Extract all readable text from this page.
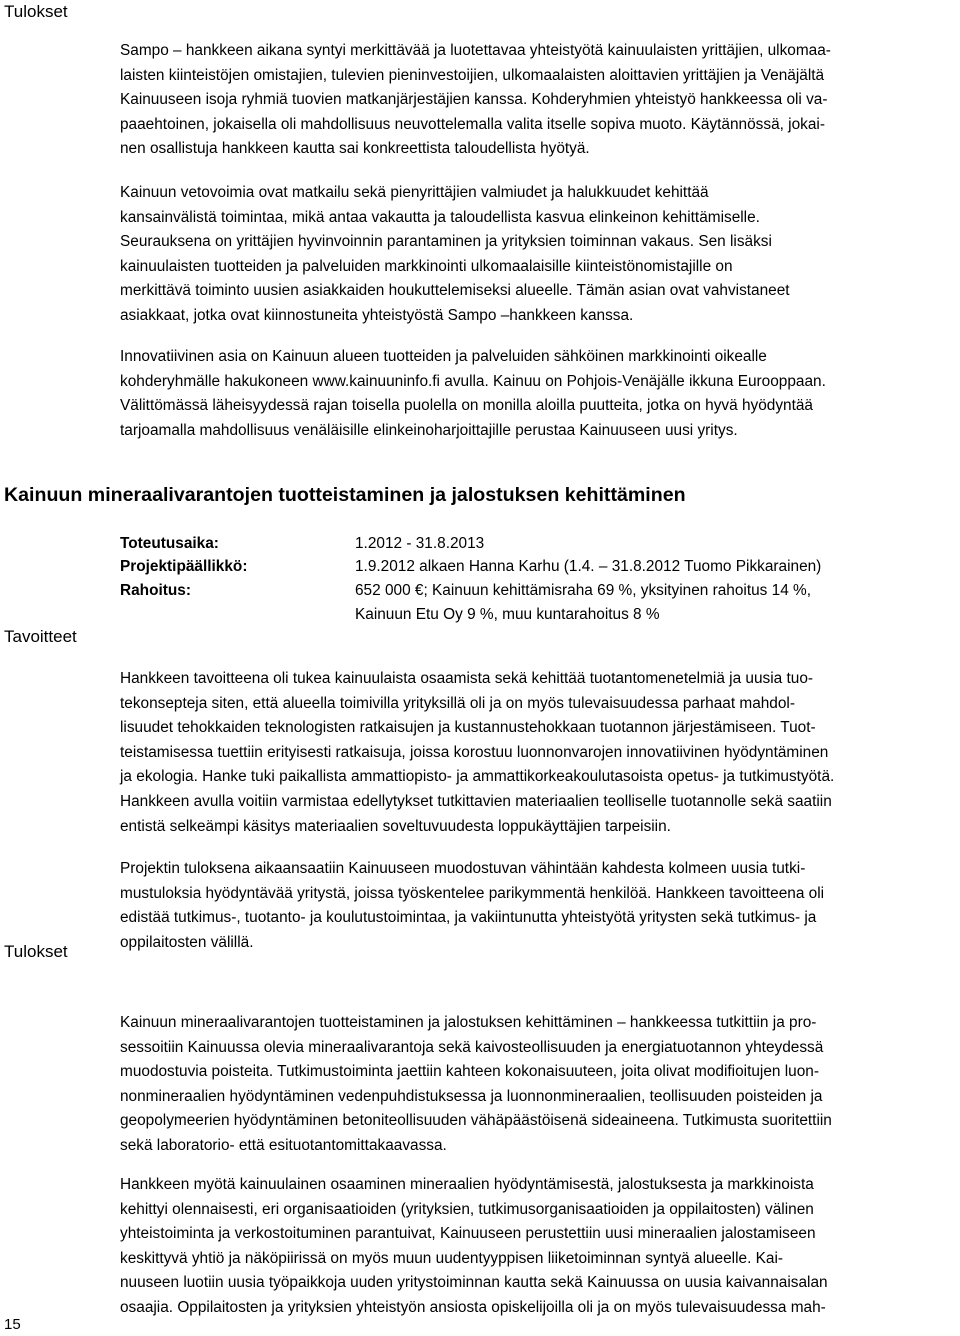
Tulokset
Sampo – hankkeen aikana syntyi merkittävää ja luotettavaa yhteistyötä kainuulaisten yrittäjien, ulkomaa-
laisten kiinteistöjen omistajien, tulevien pieninvestoijien, ulkomaalaisten aloittavien yrittäjien ja Venäjältä
Kainuuseen isoja ryhmiä tuovien matkanjärjestäjien kanssa. Kohderyhmien yhteistyö hankkeessa oli va-
paaehtoinen, jokaisella oli mahdollisuus neuvottelemalla valita itselle sopiva muoto. Käytännössä, jokai-
nen osallistuja hankkeen kautta sai konkreettista taloudellista hyötyä.
Kainuun vetovoimia ovat matkailu sekä pienyrittäjien valmiudet ja halukkuudet kehittää
kansainvälistä toimintaa, mikä antaa vakautta ja taloudellista kasvua elinkeinon kehittämiselle.
Seurauksena on yrittäjien hyvinvoinnin parantaminen ja yrityksien toiminnan vakaus. Sen lisäksi
kainuulaisten tuotteiden ja palveluiden markkinointi ulkomaalaisille kiinteistönomistajille on
merkittävä toiminto uusien asiakkaiden houkuttelemiseksi alueelle. Tämän asian ovat vahvistaneet
asiakkaat, jotka ovat kiinnostuneita yhteistyöstä Sampo –hankkeen kanssa.
Innovatiivinen asia on Kainuun alueen tuotteiden ja palveluiden sähköinen markkinointi oikealle
kohderyhmälle hakukoneen www.kainuuninfo.fi avulla. Kainuu on Pohjois-Venäjälle ikkuna Eurooppaan.
Välittömässä läheisyydessä rajan toisella puolella on monilla aloilla puutteita, jotka on hyvä hyödyntää
tarjoamalla mahdollisuus venäläisille elinkeinoharjoittajille perustaa Kainuuseen uusi yritys.
Kainuun mineraalivarantojen tuotteistaminen ja jalostuksen kehittäminen
Toteutusaika:	1.2012 - 31.8.2013
Projektipäällikkö:	1.9.2012 alkaen Hanna Karhu (1.4. – 31.8.2012 Tuomo Pikkarainen)
Rahoitus:	652 000 €; Kainuun kehittämisraha 69 %, yksityinen rahoitus 14 %,
Kainuun Etu Oy 9 %, muu kuntarahoitus 8 %
Tavoitteet
Hankkeen tavoitteena oli tukea kainuulaista osaamista sekä kehittää tuotantomenetelmiä ja uusia tuo-
tekonsepteja siten, että alueella toimivilla yrityksillä oli ja on myös tulevaisuudessa parhaat mahdol-
lisuudet tehokkaiden teknologisten ratkaisujen ja kustannustehokkaan tuotannon järjestämiseen. Tuot-
teistamisessa tuettiin erityisesti ratkaisuja, joissa korostuu luonnonvarojen innovatiivinen hyödyntäminen
ja ekologia. Hanke tuki paikallista ammattiopisto- ja ammattikorkeakoulutasoista opetus- ja tutkimustyötä.
Hankkeen avulla voitiin varmistaa edellytykset tutkittavien materiaalien teolliselle tuotannolle sekä saatiin
entistä selkeämpi käsitys materiaalien soveltuvuudesta loppukäyttäjien tarpeisiin.
Projektin tuloksena aikaansaatiin Kainuuseen muodostuvan vähintään kahdesta kolmeen uusia tutki-
mustuloksia hyödyntävää yritystä, joissa työskentelee parikymmentä henkilöä. Hankkeen tavoitteena oli
edistää tutkimus-, tuotanto- ja koulutustoimintaa, ja vakiintunutta yhteistyötä yritysten sekä tutkimus- ja
oppilaitosten välillä.
Tulokset
Kainuun mineraalivarantojen tuotteistaminen ja jalostuksen kehittäminen – hankkeessa tutkittiin ja pro-
sessoitiin Kainuussa olevia mineraalivarantoja sekä kaivosteollisuuden ja energiatuotannon yhteydessä
muodostuvia poisteita. Tutkimustoiminta jaettiin kahteen kokonaisuuteen, joita olivat modifioitujen luon-
nonmineraalien hyödyntäminen vedenpuhdistuksessa ja luonnonmineraalien, teollisuuden poisteiden ja
geopolymeerien hyödyntäminen betoniteollisuuden vähäpäästöisenä sideaineena. Tutkimusta suoritettiin
sekä laboratorio- että esituotantomittakaavassa.
Hankkeen myötä kainuulainen osaaminen mineraalien hyödyntämisestä, jalostuksesta ja markkinoista
kehittyi olennaisesti, eri organisaatioiden (yrityksien, tutkimusorganisaatioiden ja oppilaitosten) välinen
yhteistoiminta ja verkostoituminen parantuivat, Kainuuseen perustettiin uusi mineraalien jalostamiseen
keskittyvä yhtiö ja näköpiirissä on myös muun uudentyyppisen liiketoiminnan syntyä alueelle. Kai-
nuuseen luotiin uusia työpaikkoja uuden yritystoiminnan kautta sekä Kainuussa on uusia kaivannaisalan
osaajia. Oppilaitosten ja yrityksien yhteistyön ansiosta opiskelijoilla oli ja on myös tulevaisuudessa mah-
15
